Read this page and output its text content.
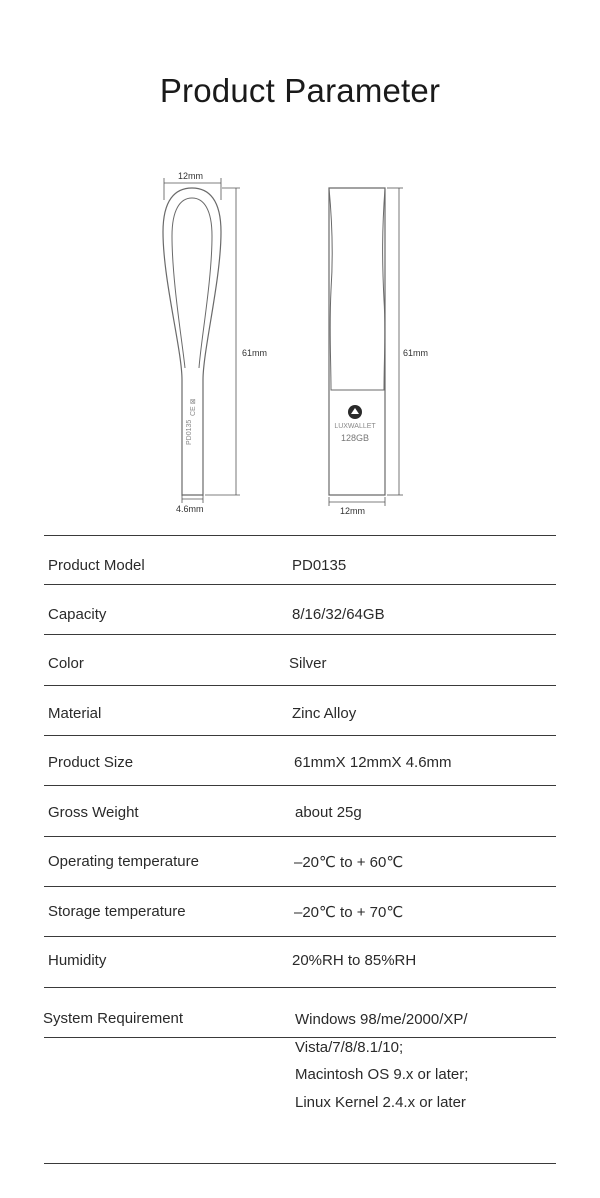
Product Parameter
PD0135
CE ⊠
12mm
61mm
4.6mm
LUXWALLET
128GB
61mm
12mm
Product Model	PD0135
Capacity	8/16/32/64GB
Color	Silver
Material	Zinc Alloy
Product Size	61mmX 12mmX 4.6mm
Gross Weight	about 25g
Operating temperature	–20℃ to + 60℃
Storage temperature	–20℃ to + 70℃
Humidity	20%RH to 85%RH
System Requirement	Windows 98/me/2000/XP/
Vista/7/8/8.1/10;
Macintosh OS 9.x or later;
Linux Kernel 2.4.x or later
